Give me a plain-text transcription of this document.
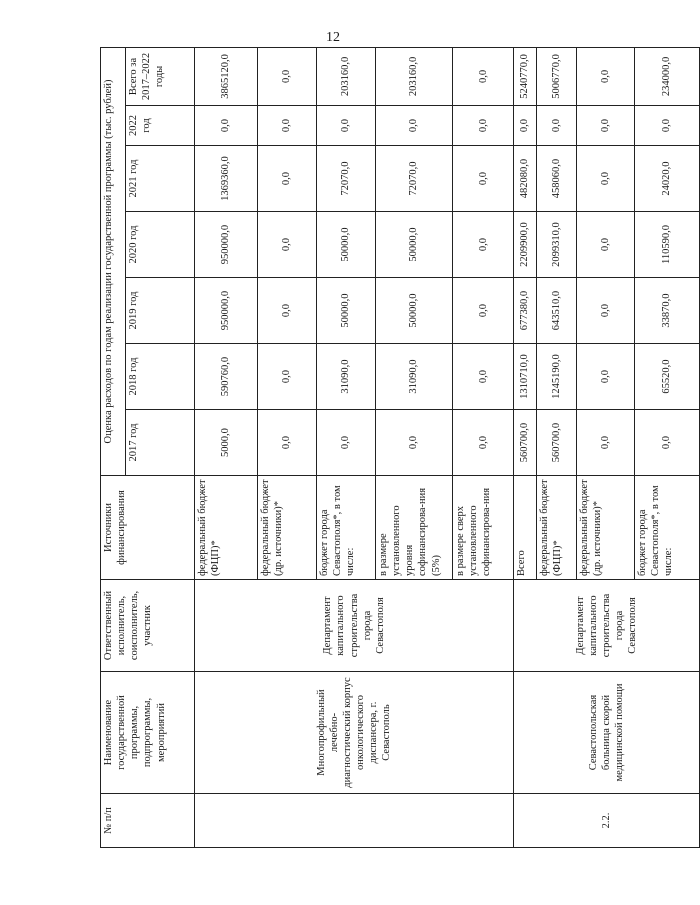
12
№ п/п	Наименование государственной программы, подпрограммы, мероприятий	Ответственный исполнитель, соисполнитель, участник	Источники финансирования	Оценка расходов по годам реализации государственной программы (тыс. рублей)						
				2017 год	2018 год	2019 год	2020 год	2021 год	2022 год	Всего за 2017–2022 годы
	Многопрофильный лечебно-диагностический корпус онкологического диспансера, г. Севастополь	Департамент капитального строительства города Севастополя	федеральный бюджет (ФЦП)*	5000,0	590760,0	950000,0	950000,0	1369360,0	0,0	3865120,0
			федеральный бюджет (др. источники)*	0,0	0,0	0,0	0,0	0,0	0,0	0,0
			бюджет города Севастополя*, в том числе:	0,0	31090,0	50000,0	50000,0	72070,0	0,0	203160,0
			в размере установленного уровня софинансирова-ния (5%)	0,0	31090,0	50000,0	50000,0	72070,0	0,0	203160,0
			в размере сверх установленного софинансирова-ния	0,0	0,0	0,0	0,0	0,0	0,0	0,0
2.2.	Севастопольская больница скорой медицинской помощи	Департамент капитального строительства города Севастополя	Всего	560700,0	1310710,0	677380,0	2209900,0	482080,0	0,0	5240770,0
			федеральный бюджет (ФЦП)*	560700,0	1245190,0	643510,0	2099310,0	458060,0	0,0	5006770,0
			федеральный бюджет (др. источники)*	0,0	0,0	0,0	0,0	0,0	0,0	0,0
			бюджет города Севастополя*, в том числе:	0,0	65520,0	33870,0	110590,0	24020,0	0,0	234000,0
